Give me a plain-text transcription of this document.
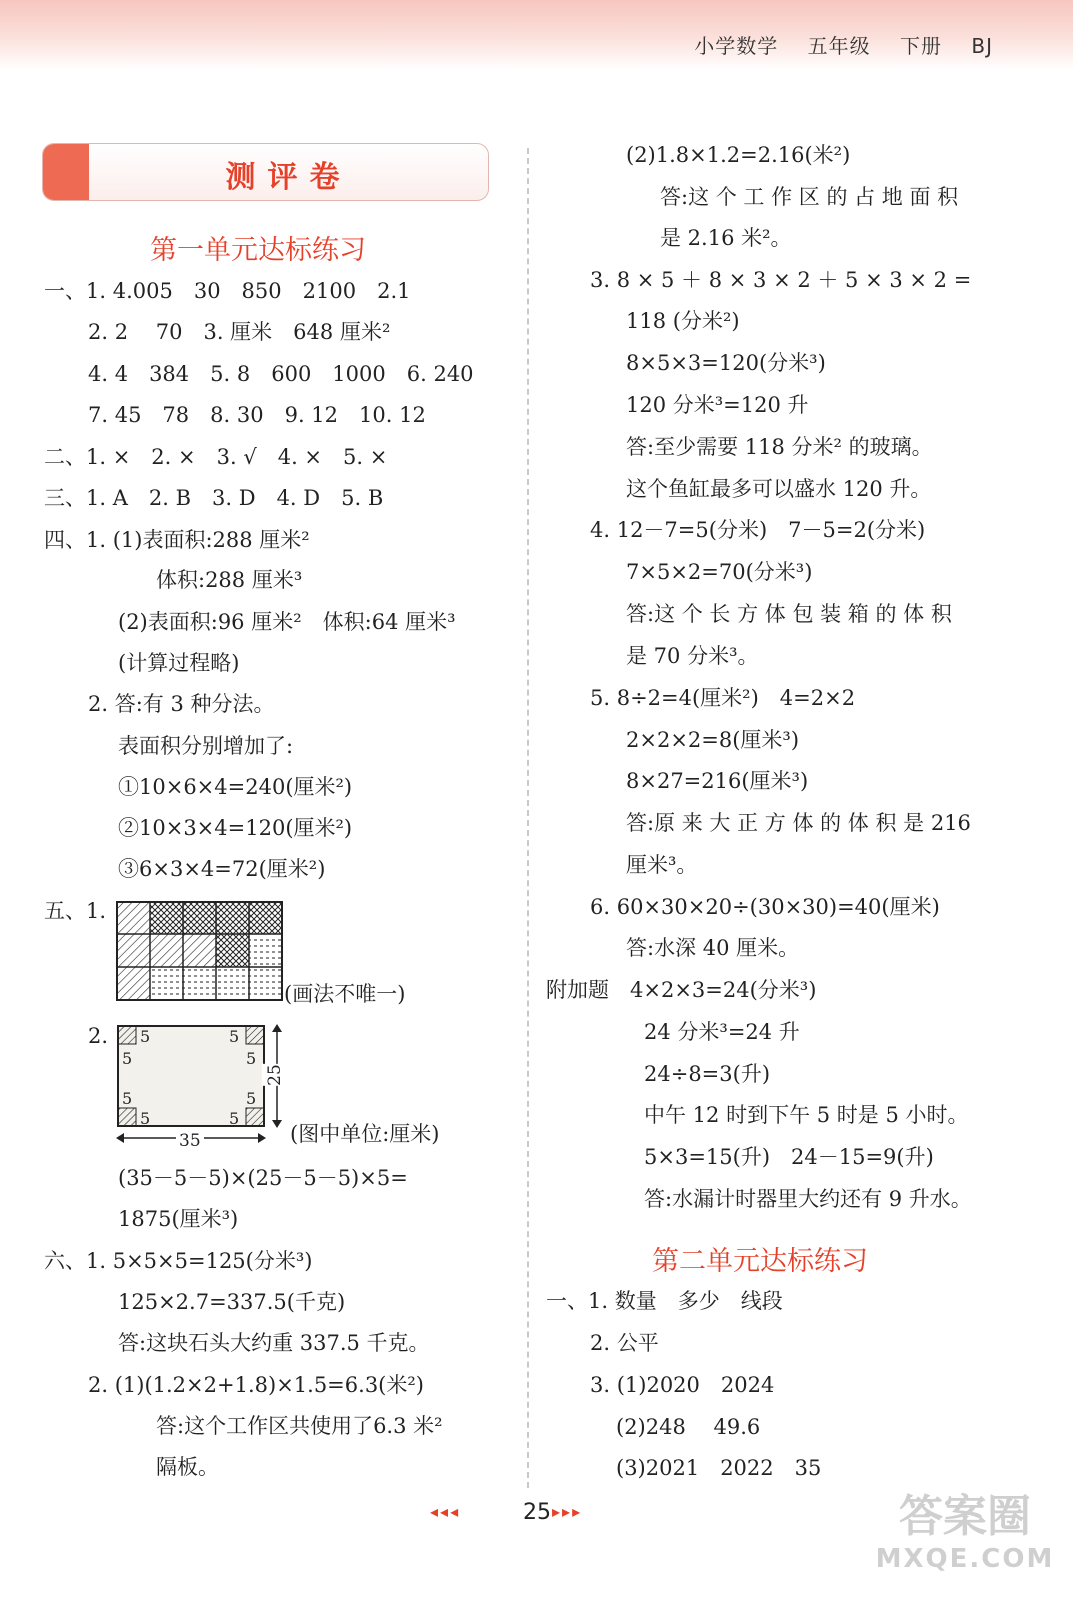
小学数学 五年级 下册 BJ
测评卷
第一单元达标练习
一、1. 4.005　30　850　2100　2.1
2. 2　 70　3. 厘米　648 厘米²
4. 4　384　5. 8　600　1000　6. 240
7. 45　78　8. 30　9. 12　10. 12
二、1. ×　2. ×　3. √　4. ×　5. ×
三、1. A　2. B　3. D　4. D　5. B
四、1. (1)表面积:288 厘米²
体积:288 厘米³
(2)表面积:96 厘米²　体积:64 厘米³
(计算过程略)
2. 答:有 3 种分法。
表面积分别增加了:
①10×6×4=240(厘米²)
②10×3×4=120(厘米²)
③6×3×4=72(厘米²)
五、1.
(画法不唯一)
2. 5	5
5	5
5	5
5	5
35
25
(图中单位:厘米)
(35－5－5)×(25－5－5)×5=
1875(厘米³)
六、1. 5×5×5=125(分米³)
125×2.7=337.5(千克)
答:这块石头大约重 337.5 千克。
2. (1)(1.2×2+1.8)×1.5=6.3(米²)
答:这个工作区共使用了6.3 米²
隔板。
(2)1.8×1.2=2.16(米²)
答:这 个 工 作 区 的 占 地 面 积
是 2.16 米²。
3. 8 × 5 ＋ 8 × 3 × 2 ＋ 5 × 3 × 2 =
118 (分米²)
8×5×3=120(分米³)
120 分米³=120 升
答:至少需要 118 分米² 的玻璃。
这个鱼缸最多可以盛水 120 升。
4. 12－7=5(分米)　7－5=2(分米)
7×5×2=70(分米³)
答:这 个 长 方 体 包 装 箱 的 体 积
是 70 分米³。
5. 8÷2=4(厘米²)　4=2×2
2×2×2=8(厘米³)
8×27=216(厘米³)
答:原 来 大 正 方 体 的 体 积 是 216
厘米³。
6. 60×30×20÷(30×30)=40(厘米)
答:水深 40 厘米。
附加题　4×2×3=24(分米³)
24 分米³=24 升
24÷8=3(升)
中午 12 时到下午 5 时是 5 小时。
5×3=15(升)　24－15=9(升)
答:水漏计时器里大约还有 9 升水。
第二单元达标练习
一、1. 数量　多少　线段
2. 公平
3. (1)2020　2024
(2)248　 49.6
(3)2021　2022　35
◂◂◂	25 ▸▸▸	答案圈
MXQE.COM
